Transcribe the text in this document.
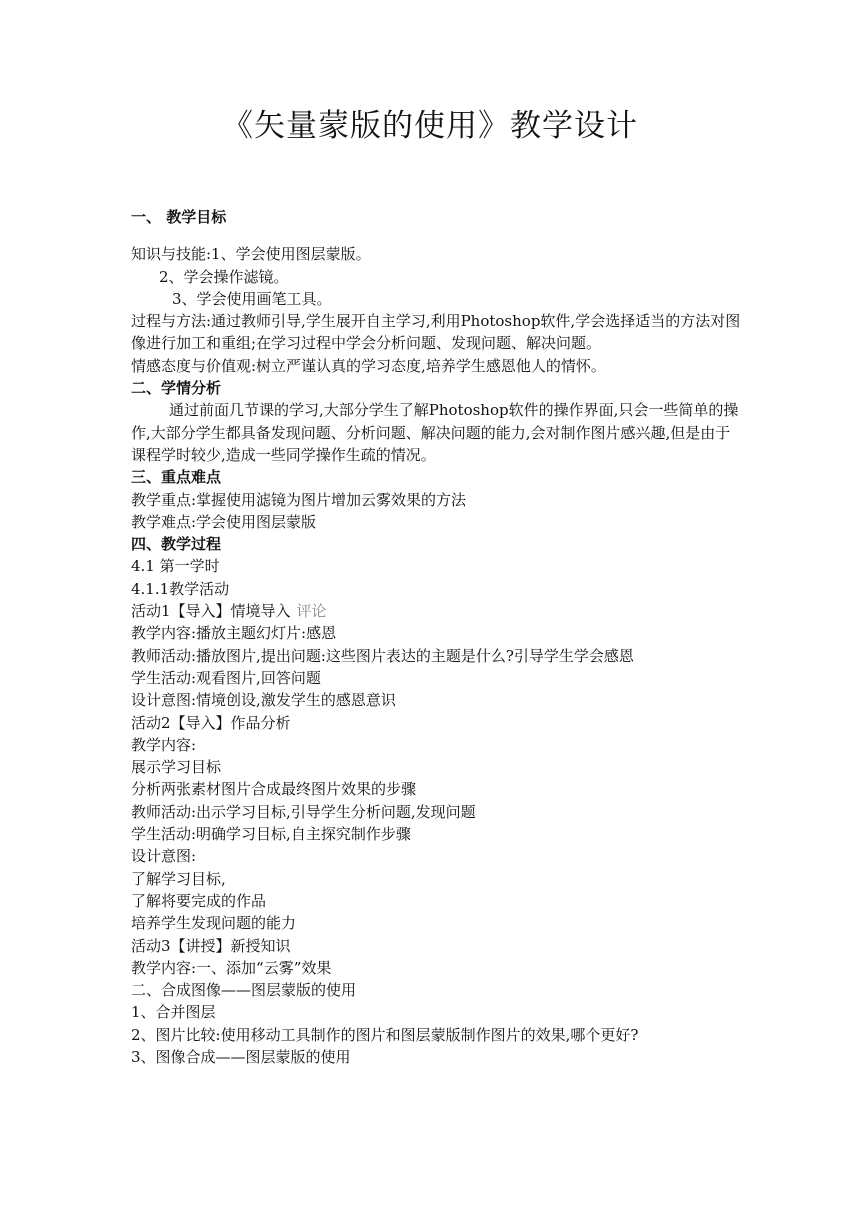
《矢量蒙版的使用》教学设计

一、 教学目标

知识与技能:1、学会使用图层蒙版。

2、学会操作滤镜。

3、学会使用画笔工具。

过程与方法:通过教师引导,学生展开自主学习,利用Photoshop软件,学会选择适当的方法对图像进行加工和重组;在学习过程中学会分析问题、发现问题、解决问题。

情感态度与价值观:树立严谨认真的学习态度,培养学生感恩他人的情怀。

二、学情分析

通过前面几节课的学习,大部分学生了解Photoshop软件的操作界面,只会一些简单的操作,大部分学生都具备发现问题、分析问题、解决问题的能力,会对制作图片感兴趣,但是由于课程学时较少,造成一些同学操作生疏的情况。

三、重点难点

教学重点:掌握使用滤镜为图片增加云雾效果的方法

教学难点:学会使用图层蒙版

四、教学过程

4.1 第一学时

4.1.1教学活动

活动1【导入】情境导入 评论

教学内容:播放主题幻灯片:感恩

教师活动:播放图片,提出问题:这些图片表达的主题是什么?引导学生学会感恩

学生活动:观看图片,回答问题

设计意图:情境创设,激发学生的感恩意识

活动2【导入】作品分析

教学内容:

展示学习目标

分析两张素材图片合成最终图片效果的步骤

教师活动:出示学习目标,引导学生分析问题,发现问题

学生活动:明确学习目标,自主探究制作步骤

设计意图:

了解学习目标,

了解将要完成的作品

培养学生发现问题的能力

活动3【讲授】新授知识

教学内容:一、添加“云雾”效果

二、合成图像——图层蒙版的使用

1、合并图层

2、图片比较:使用移动工具制作的图片和图层蒙版制作图片的效果,哪个更好?

3、图像合成——图层蒙版的使用
